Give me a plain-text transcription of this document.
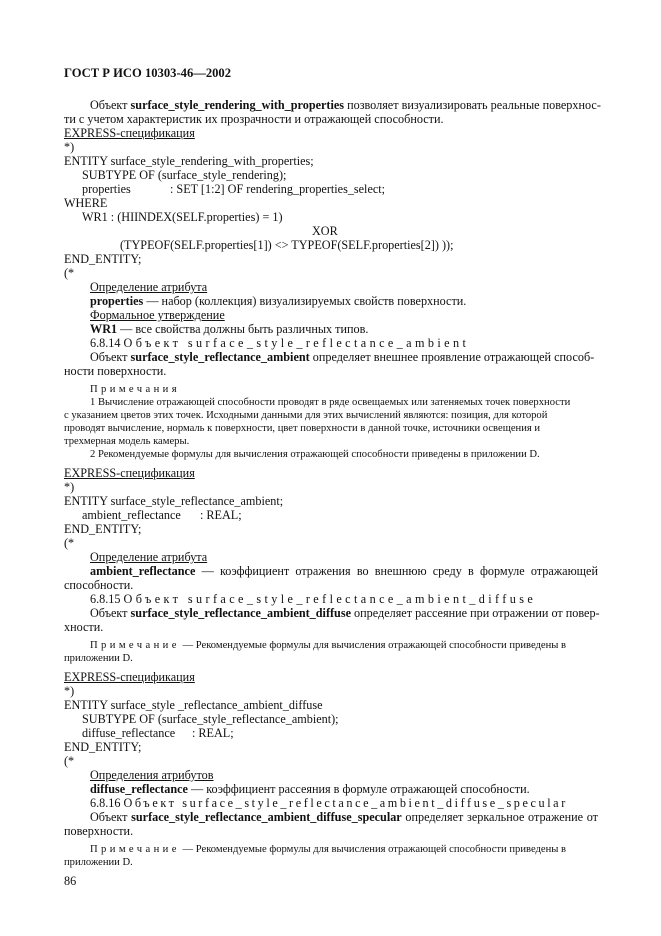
ГОСТ Р ИСО 10303-46—2002
Объект surface_style_rendering_with_properties позволяет визуализировать реальные поверхнос-
ти с учетом характеристик их прозрачности и отражающей способности.
EXPRESS-спецификация
*)
ENTITY surface_style_rendering_with_properties;
SUBTYPE OF (surface_style_rendering);
properties	: SET [1:2] OF rendering_properties_select;
WHERE
WR1 : (HIINDEX(SELF.properties) = 1)
XOR
(TYPEOF(SELF.properties[1]) <> TYPEOF(SELF.properties[2]) ));
END_ENTITY;
(*
Определение атрибута
properties — набор (коллекция) визуализируемых свойств поверхности.
Формальное утверждение
WR1 — все свойства должны быть различных типов.
6.8.14 Объект surface_style_reflectance_ambient
Объект surface_style_reflectance_ambient определяет внешнее проявление отражающей способ-
ности поверхности.
Примечания
1 Вычисление отражающей способности проводят в ряде освещаемых или затеняемых точек поверхности
с указанием цветов этих точек. Исходными данными для этих вычислений являются: позиция, для которой
проводят вычисление, нормаль к поверхности, цвет поверхности в данной точке, источники освещения и
трехмерная модель камеры.
2 Рекомендуемые формулы для вычисления отражающей способности приведены в приложении D.
EXPRESS-спецификация
*)
ENTITY surface_style_reflectance_ambient;
ambient_reflectance : REAL;
END_ENTITY;
(*
Определение атрибута
ambient_reflectance — коэффициент отражения во внешнюю среду в формуле отражающей
способности.
6.8.15 Объект surface_style_reflectance_ambient_diffuse
Объект surface_style_reflectance_ambient_diffuse определяет рассеяние при отражении от повер-
хности.
Примечание — Рекомендуемые формулы для вычисления отражающей способности приведены в
приложении D.
EXPRESS-спецификация
*)
ENTITY surface_style _reflectance_ambient_diffuse
SUBTYPE OF (surface_style_reflectance_ambient);
diffuse_reflectance : REAL;
END_ENTITY;
(*
Определения атрибутов
diffuse_reflectance — коэффициент рассеяния в формуле отражающей способности.
6.8.16 Объект surface_style_reflectance_ambient_diffuse_specular
Объект surface_style_reflectance_ambient_diffuse_specular определяет зеркальное отражение от
поверхности.
Примечание — Рекомендуемые формулы для вычисления отражающей способности приведены в
приложении D.
86
